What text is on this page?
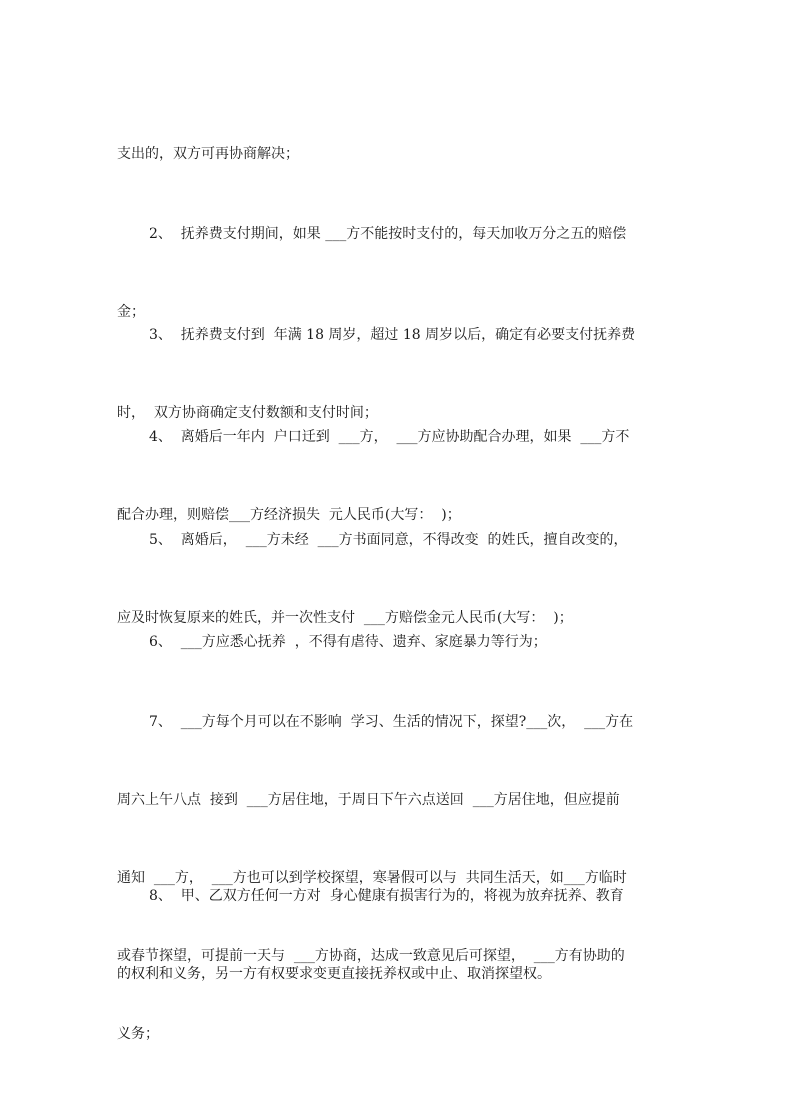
支出的，双方可再协商解决；

2、  抚养费支付期间，如果 ___方不能按时支付的，每天加收万分之五的赔偿

金；

3、  抚养费支付到  年满 18 周岁，超过 18 周岁以后，确定有必要支付抚养费

时，  双方协商确定支付数额和支付时间；

4、  离婚后一年内  户口迁到  ___方，  ___方应协助配合办理，如果  ___方不

配合办理，则赔偿___方经济损失  元人民币(大写：  )；

5、  离婚后，  ___方未经  ___方书面同意，不得改变  的姓氏，擅自改变的，

应及时恢复原来的姓氏，并一次性支付  ___方赔偿金元人民币(大写：  )；

6、  ___方应悉心抚养  ，不得有虐待、遗弃、家庭暴力等行为；

7、  ___方每个月可以在不影响  学习、生活的情况下，探望?___次，  ___方在

周六上午八点  接到  ___方居住地，于周日下午六点送回  ___方居住地，但应提前

通知  ___方，  ___方也可以到学校探望，寒暑假可以与  共同生活天，如___方临时

或春节探望，可提前一天与  ___方协商，达成一致意见后可探望，  ___方有协助的

义务；

8、  甲、乙双方任何一方对  身心健康有损害行为的，将视为放弃抚养、教育

的权利和义务，另一方有权要求变更直接抚养权或中止、取消探望权。
